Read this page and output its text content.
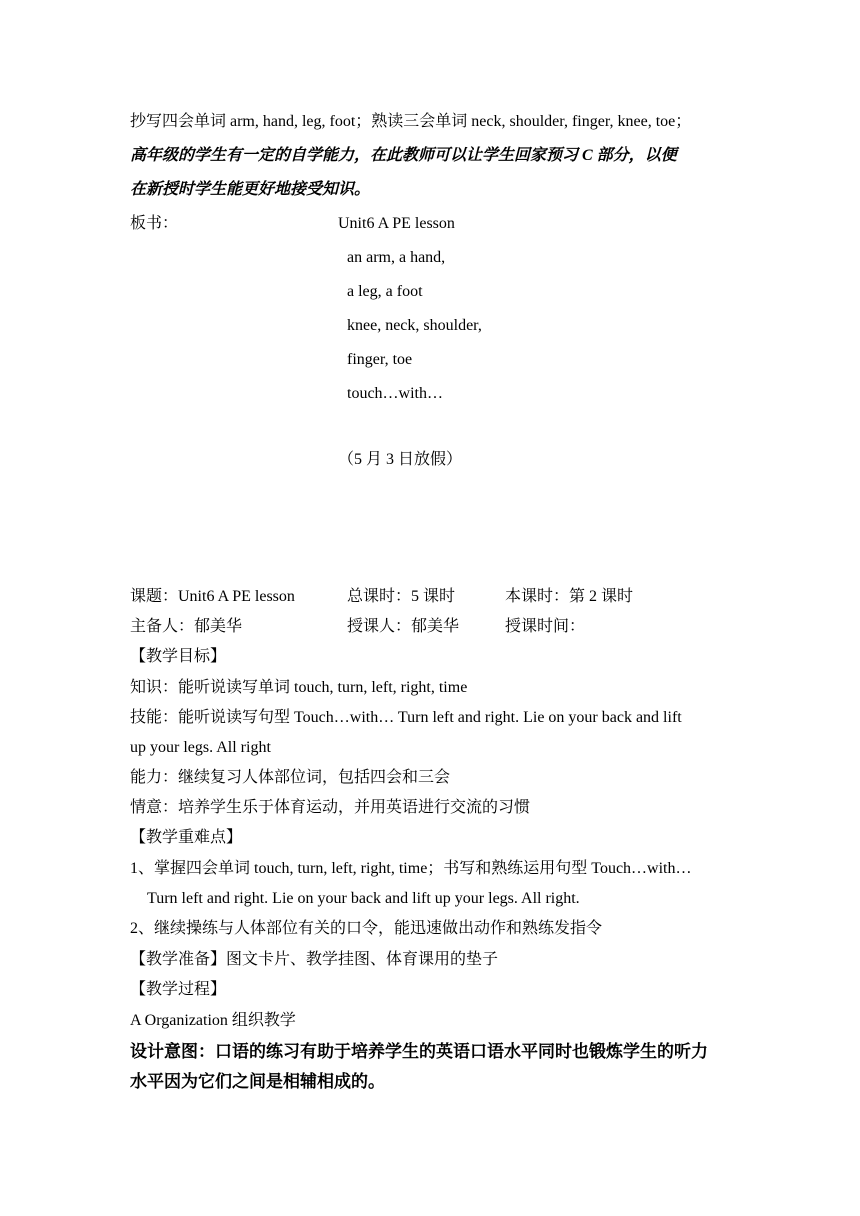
抄写四会单词 arm, hand, leg, foot；熟读三会单词 neck, shoulder, finger, knee, toe；
高年级的学生有一定的自学能力，在此教师可以让学生回家预习 C 部分，以便
在新授时学生能更好地接受知识。
板书：	Unit6 A PE lesson
an arm, a hand,
a leg, a foot
knee, neck, shoulder,
finger, toe
touch…with…
（5 月 3 日放假）
课题：Unit6 A PE lesson	总课时：5 课时	本课时：第 2 课时
主备人：郁美华	授课人：郁美华	授课时间：
【教学目标】
知识：能听说读写单词 touch, turn, left, right, time
技能：能听说读写句型 Touch…with… Turn left and right. Lie on your back and lift
up your legs. All right
能力：继续复习人体部位词，包括四会和三会
情意：培养学生乐于体育运动，并用英语进行交流的习惯
【教学重难点】
1、掌握四会单词 touch, turn, left, right, time；书写和熟练运用句型 Touch…with…
Turn left and right. Lie on your back and lift up your legs. All right.
2、继续操练与人体部位有关的口令，能迅速做出动作和熟练发指令
【教学准备】图文卡片、教学挂图、体育课用的垫子
【教学过程】
A Organization 组织教学
设计意图：口语的练习有助于培养学生的英语口语水平同时也锻炼学生的听力
水平因为它们之间是相辅相成的。
